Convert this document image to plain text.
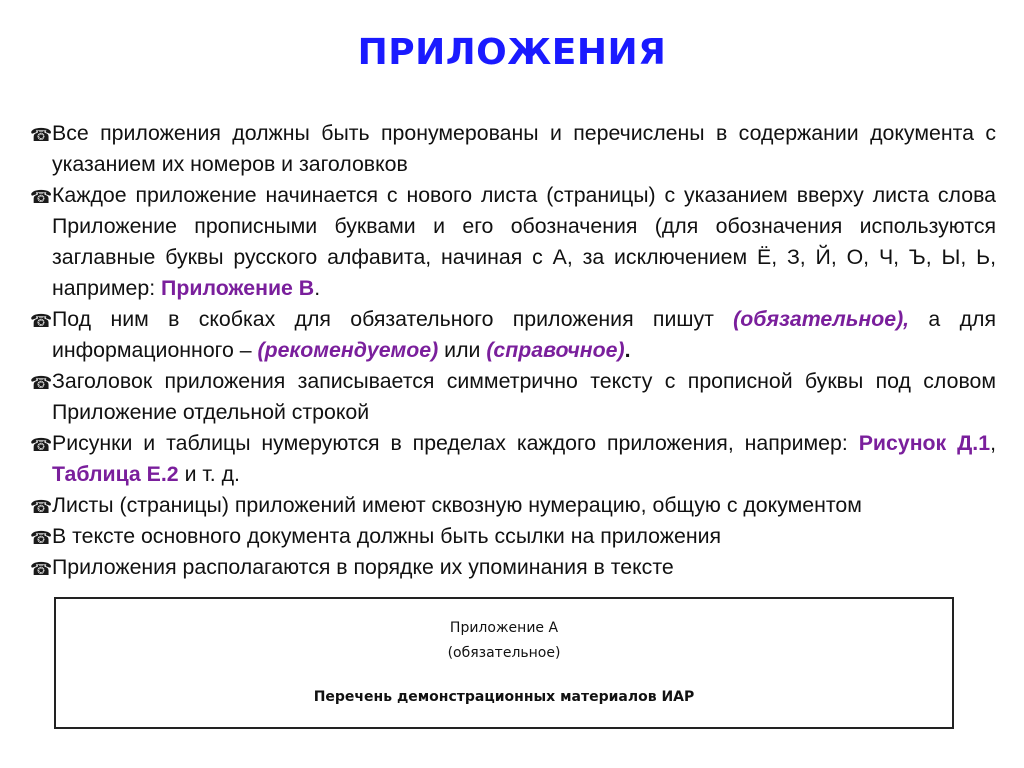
ПРИЛОЖЕНИЯ
☎ Все приложения должны быть пронумерованы и перечислены в содержании документа с указанием их номеров и заголовков
☎ Каждое приложение начинается с нового листа (страницы) с указанием вверху листа слова Приложение прописными буквами и его обозначения (для обозначения используются заглавные буквы русского алфавита, начиная с А, за исключением Ё, З, Й, О, Ч, Ъ, Ы, Ь, например: Приложение В.
☎ Под ним в скобках для обязательного приложения пишут (обязательное), а для информационного – (рекомендуемое) или (справочное).
☎ Заголовок приложения записывается симметрично тексту с прописной буквы под словом Приложение отдельной строкой
☎ Рисунки и таблицы нумеруются в пределах каждого приложения, например: Рисунок Д.1, Таблица Е.2 и т. д.
☎ Листы (страницы) приложений имеют сквозную нумерацию, общую с документом
☎ В тексте основного документа должны быть ссылки на приложения
☎ Приложения располагаются в порядке их упоминания в тексте
Приложение А
(обязательное)
Перечень демонстрационных материалов ИАР
